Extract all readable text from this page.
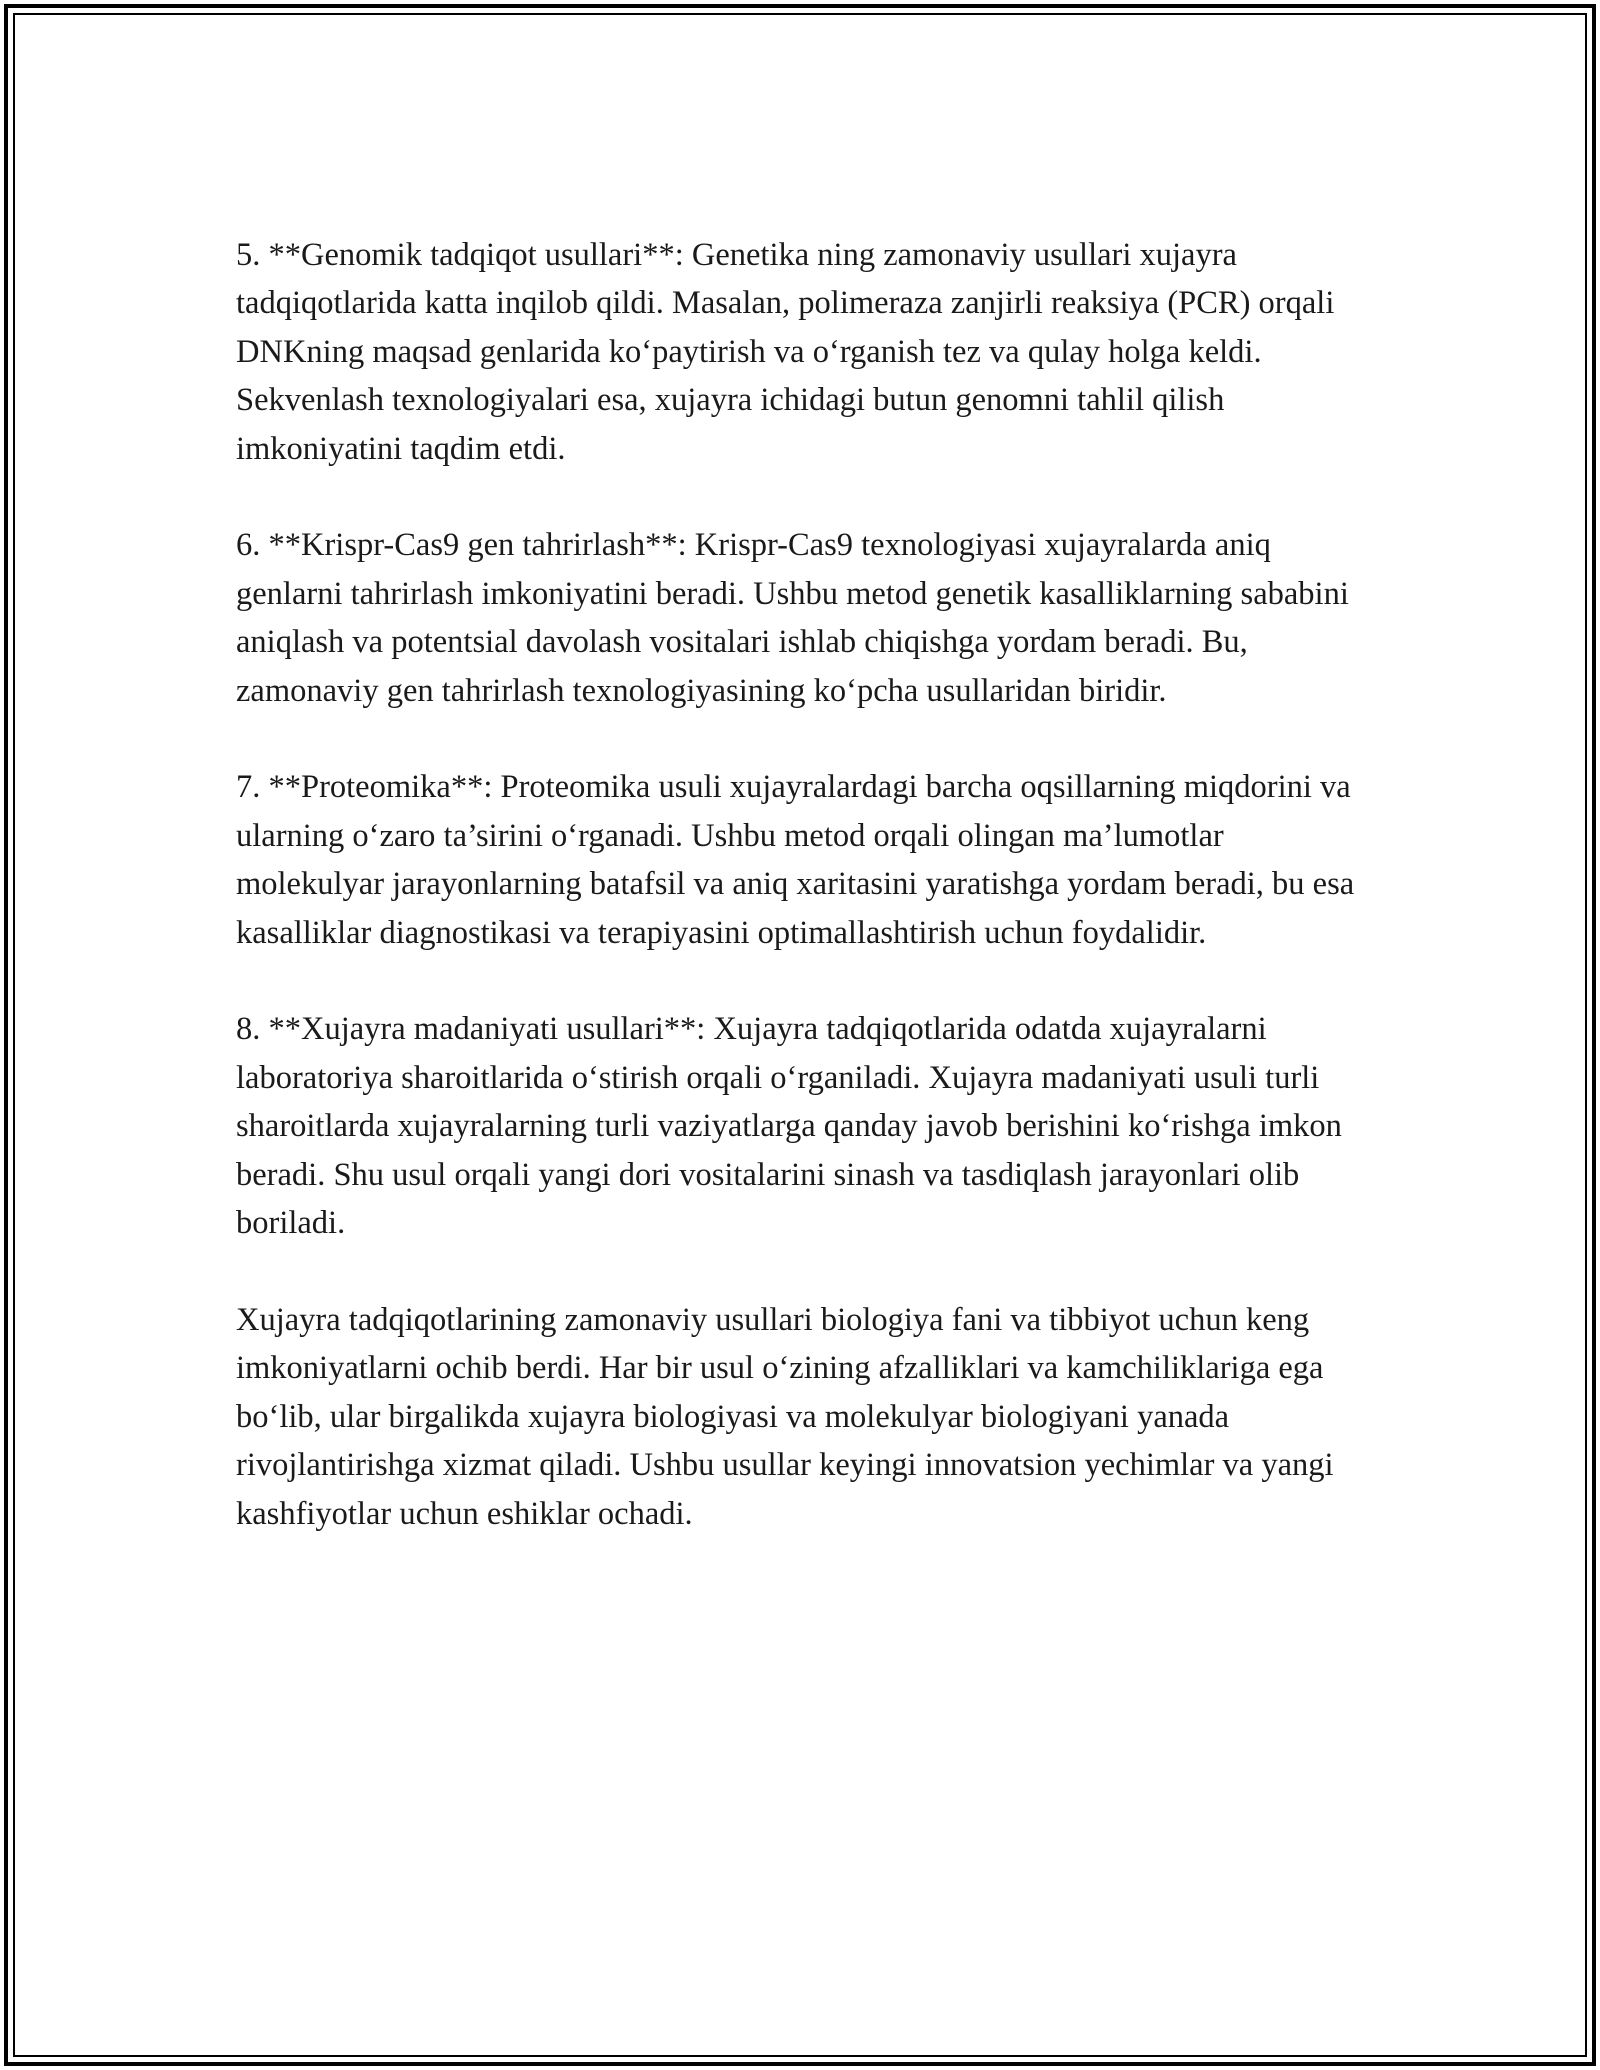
5. **Genomik tadqiqot usullari**: Genetika ning zamonaviy usullari xujayra tadqiqotlarida katta inqilob qildi. Masalan, polimeraza zanjirli reaksiya (PCR) orqali DNKning maqsad genlarida ko‘paytirish va o‘rganish tez va qulay holga keldi. Sekvenlash texnologiyalari esa, xujayra ichidagi butun genomni tahlil qilish imkoniyatini taqdim etdi.

6. **Krispr-Cas9 gen tahrirlash**: Krispr-Cas9 texnologiyasi xujayralarda aniq genlarni tahrirlash imkoniyatini beradi. Ushbu metod genetik kasalliklarning sababini aniqlash va potentsial davolash vositalari ishlab chiqishga yordam beradi. Bu, zamonaviy gen tahrirlash texnologiyasining ko‘pcha usullaridan biridir.

7. **Proteomika**: Proteomika usuli xujayralardagi barcha oqsillarning miqdorini va ularning o‘zaro ta’sirini o‘rganadi. Ushbu metod orqali olingan ma’lumotlar molekulyar jarayonlarning batafsil va aniq xaritasini yaratishga yordam beradi, bu esa kasalliklar diagnostikasi va terapiyasini optimallashtirish uchun foydalidir.

8. **Xujayra madaniyati usullari**: Xujayra tadqiqotlarida odatda xujayralarni laboratoriya sharoitlarida o‘stirish orqali o‘rganiladi. Xujayra madaniyati usuli turli sharoitlarda xujayralarning turli vaziyatlarga qanday javob berishini ko‘rishga imkon beradi. Shu usul orqali yangi dori vositalarini sinash va tasdiqlash jarayonlari olib boriladi.

Xujayra tadqiqotlarining zamonaviy usullari biologiya fani va tibbiyot uchun keng imkoniyatlarni ochib berdi. Har bir usul o‘zining afzalliklari va kamchiliklariga ega bo‘lib, ular birgalikda xujayra biologiyasi va molekulyar biologiyani yanada rivojlantirishga xizmat qiladi. Ushbu usullar keyingi innovatsion yechimlar va yangi kashfiyotlar uchun eshiklar ochadi.
